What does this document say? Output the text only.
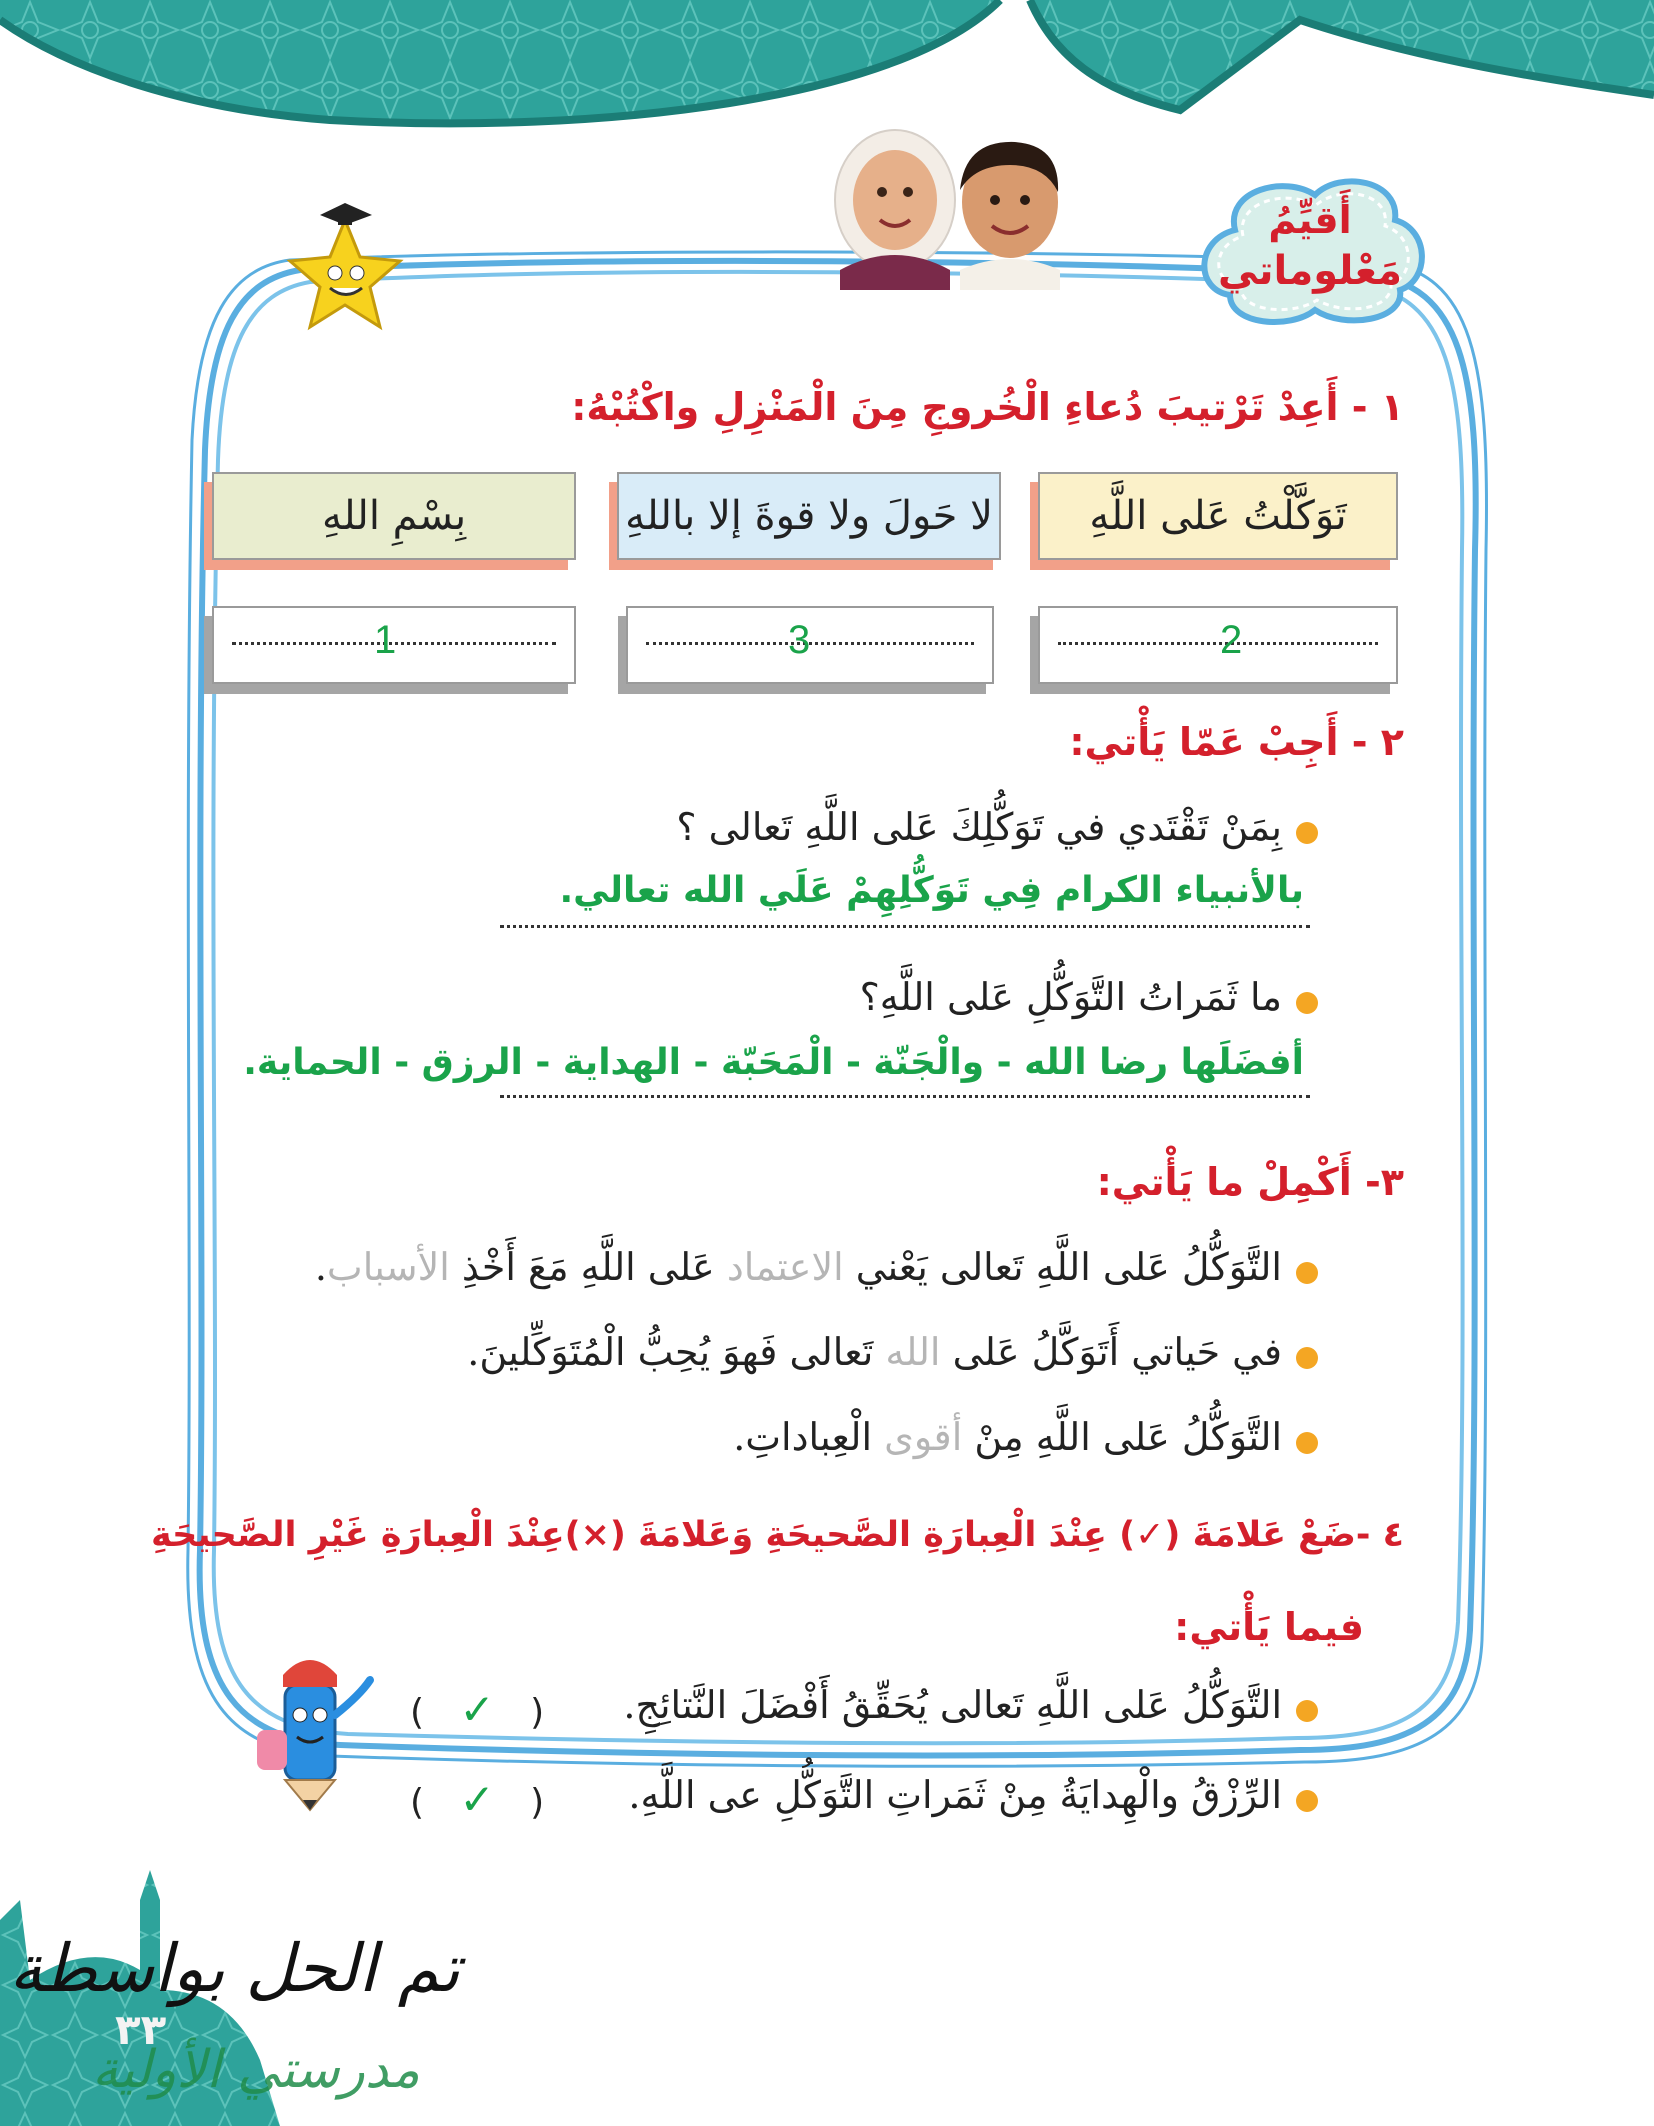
أَقيِّمُ
مَعْلوماتي
١ - أَعِدْ تَرْتيبَ دُعاءِ الْخُروجِ مِنَ الْمَنْزِلِ واكْتُبْهُ:
تَوَكَّلْتُ عَلى اللَّهِ
لا حَولَ ولا قوةَ إلا باللهِ
بِسْمِ اللهِ
2
3
1
٢ - أَجِبْ عَمّا يَأْتي:
بِمَنْ تَقْتَدي في تَوَكُّلِكَ عَلى اللَّهِ تَعالى ؟
بالأنبياء الكرام فِي تَوَكُّلِهِمْ عَلَي الله تعالي.
ما ثَمَراتُ التَّوَكُّلِ عَلى اللَّهِ؟
أفضَلَها رضا الله - والْجَنّة - الْمَحَبّة - الهداية - الرزق - الحماية.
٣- أَكْمِلْ ما يَأْتي:
التَّوَكُّلُ عَلى اللَّهِ تَعالى يَعْني الاعتماد عَلى اللَّهِ مَعَ أَخْذِ الأسباب.
في حَياتي أَتَوَكَّلُ عَلى الله تَعالى فَهوَ يُحِبُّ الْمُتَوَكِّلينَ.
التَّوَكُّلُ عَلى اللَّهِ مِنْ أقوى الْعِباداتِ.
٤ -ضَعْ عَلامَةَ (✓) عِنْدَ الْعِبارَةِ الصَّحيحَةِ وَعَلامَةَ (×)عِنْدَ الْعِبارَةِ غَيْرِ الصَّحيحَةِ
فيما يَأْتي:
التَّوَكُّلُ عَلى اللَّهِ تَعالى يُحَقِّقُ أَفْضَلَ النَّتائِجِ.
( ✓ )
الرِّزْقُ والْهِدايَةُ مِنْ ثَمَراتِ التَّوَكُّلِ عى اللَّهِ.
( ✓ )
تم الحل بواسطة
مدرستي الأولية
٣٣
